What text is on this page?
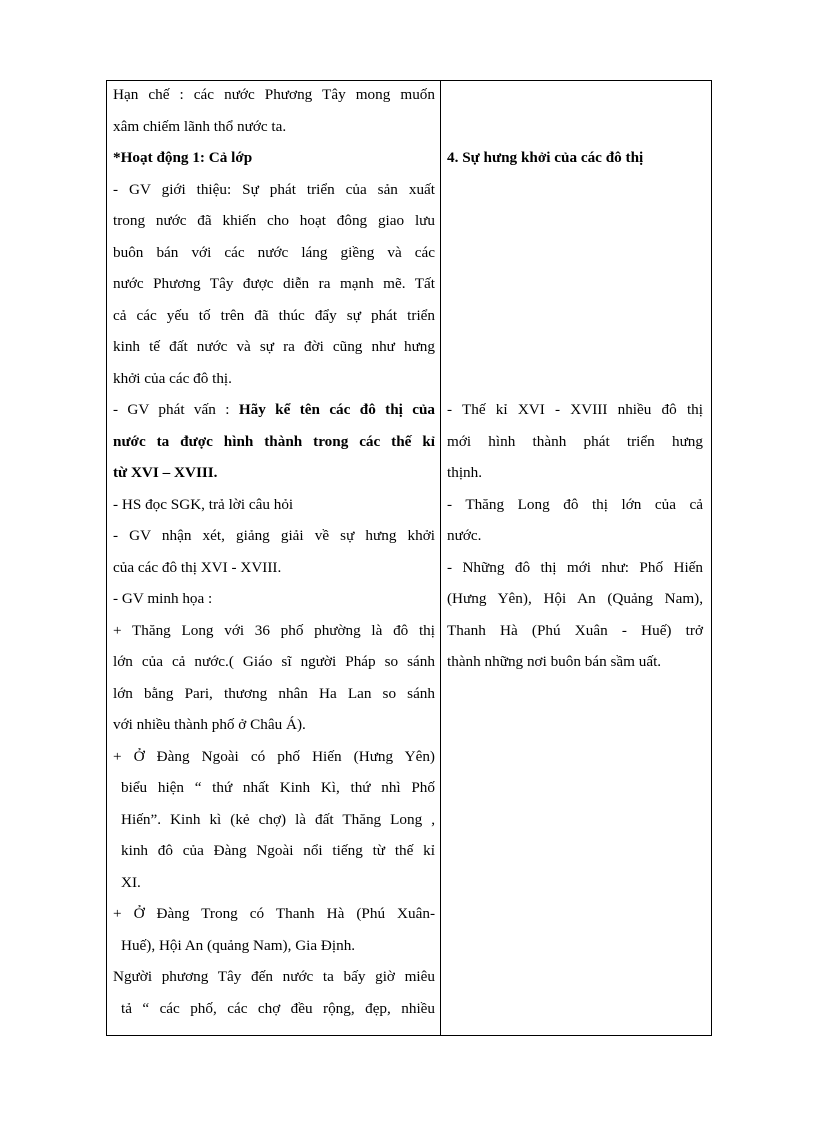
Hạn chế : các nước Phương Tây mong muốn
xâm chiếm lãnh thổ nước ta.
*Hoạt động 1: Cả lớp
- GV giới thiệu: Sự phát triển của sản xuất
trong nước đã khiến cho hoạt đông giao lưu
buôn bán với các nước láng giềng và các
nước Phương Tây được diễn ra mạnh mẽ. Tất
cả các yếu tố trên đã thúc đẩy sự phát triển
kinh tế đất nước và sự ra đời cũng như hưng
khởi của các đô thị.
- GV phát vấn : Hãy kể tên các đô thị của
nước ta được hình thành trong các thế kỉ
từ XVI – XVIII.
- HS đọc SGK, trả lời câu hỏi
- GV nhận xét, giảng giải về sự hưng khởi
của các đô thị XVI - XVIII.
- GV minh họa :
+ Thăng Long với 36 phố phường là đô thị
lớn của cả nước.( Giáo sĩ người Pháp so sánh
lớn bằng Pari, thương nhân Ha Lan so sánh
với nhiều thành phố ở Châu Á).
+ Ở Đàng Ngoài có phố Hiến (Hưng Yên)
biểu hiện “ thứ nhất Kinh Kì, thứ nhì Phố
Hiến”. Kinh kì (kẻ chợ) là đất Thăng Long ,
kinh đô của Đàng Ngoài nổi tiếng từ thế kỉ
XI.
+ Ở Đàng Trong có Thanh Hà (Phú Xuân-
Huế), Hội An (quảng Nam), Gia Định.
Người phương Tây đến nước ta bấy giờ miêu
tả “ các phố, các chợ đều rộng, đẹp, nhiều
4. Sự hưng khởi của các đô thị
- Thế kỉ XVI - XVIII nhiều đô thị
mới hình thành phát triển hưng
thịnh.
- Thăng Long đô thị lớn của cả
nước.
- Những đô thị mới như: Phố Hiến
(Hưng Yên), Hội An (Quảng Nam),
Thanh Hà (Phú Xuân - Huế) trở
thành những nơi buôn bán sầm uất.
